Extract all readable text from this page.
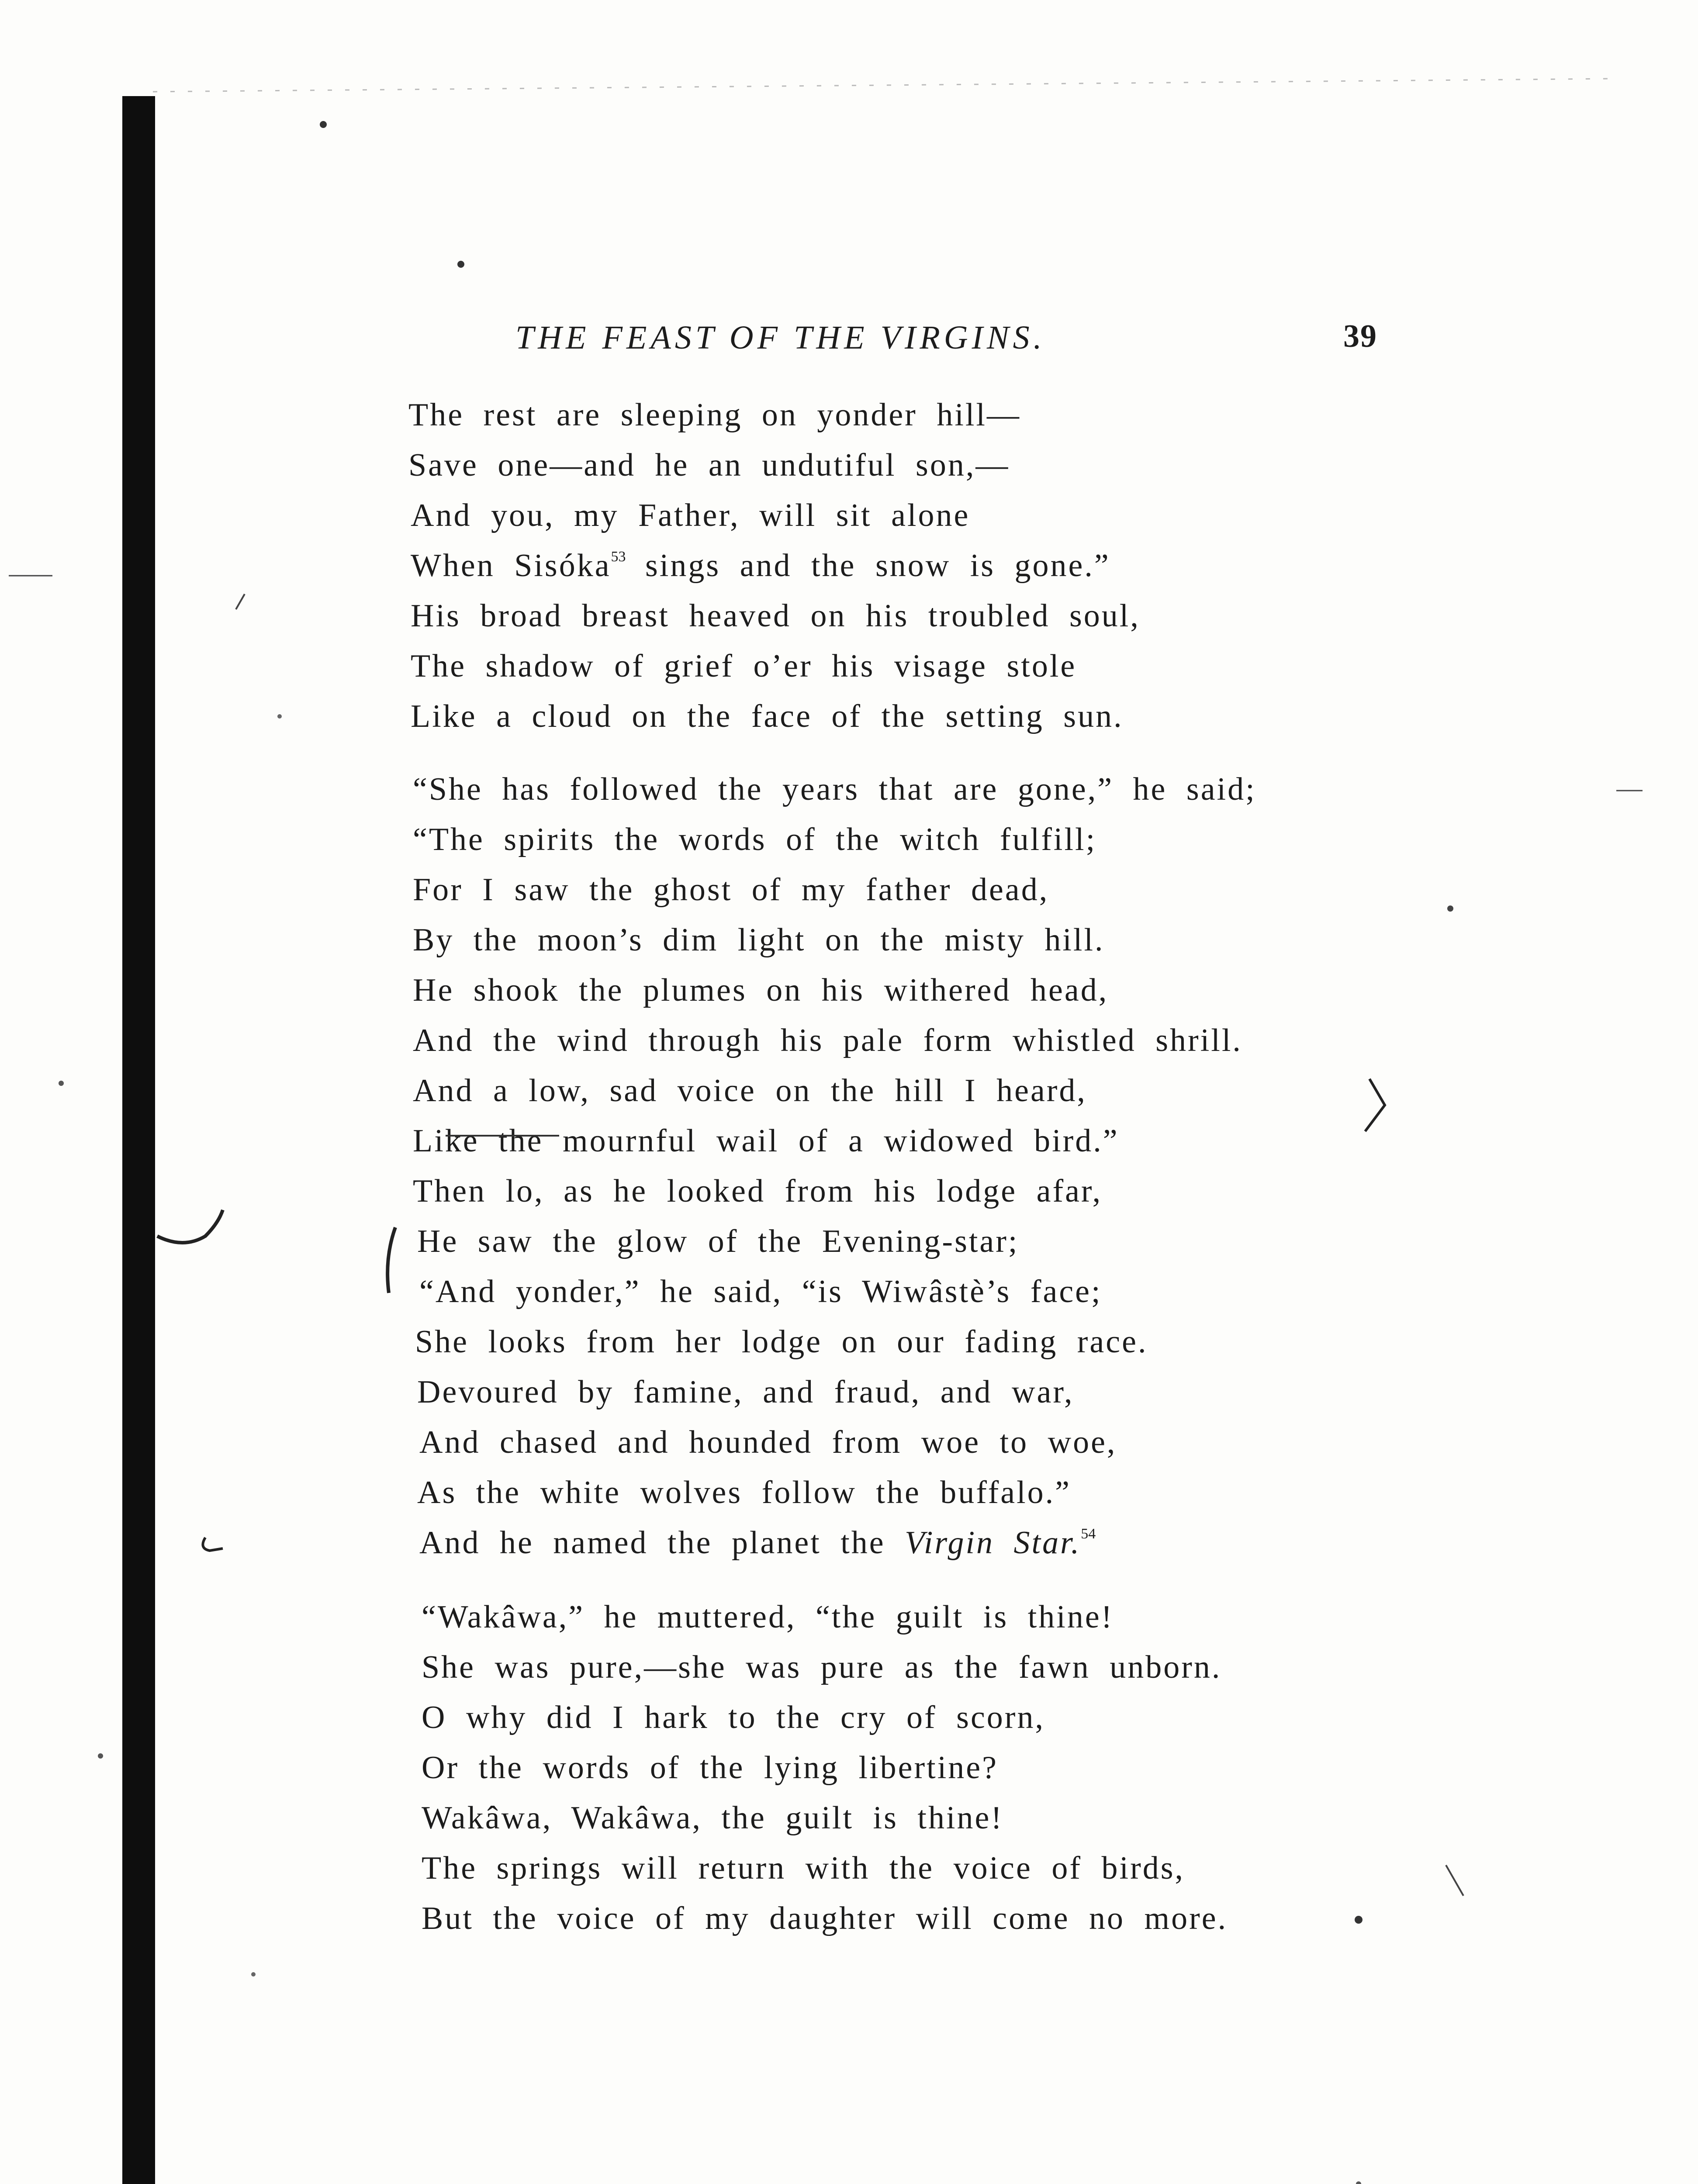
THE FEAST OF THE VIRGINS.	39
The rest are sleeping on yonder hill—
Save one—and he an undutiful son,—
And you, my Father, will sit alone
When Sisóka$^{53}$ sings and the snow is gone.”
His broad breast heaved on his troubled soul,
The shadow of grief o’er his visage stole
Like a cloud on the face of the setting sun.
“She has followed the years that are gone,” he said;
“The spirits the words of the witch fulfill;
For I saw the ghost of my father dead,
By the moon’s dim light on the misty hill.
He shook the plumes on his withered head,
And the wind through his pale form whistled shrill.
And a low, sad voice on the hill I heard,
Like the mournful wail of a widowed bird.”
Then lo, as he looked from his lodge afar,
He saw the glow of the Evening-star;
“And yonder,” he said, “is Wiwâstè’s face;
She looks from her lodge on our fading race.
Devoured by famine, and fraud, and war,
And chased and hounded from woe to woe,
As the white wolves follow the buffalo.”
And he named the planet the Virgin Star.$^{54}$
“Wakâwa,” he muttered, “the guilt is thine!
She was pure,—she was pure as the fawn unborn.
O why did I hark to the cry of scorn,
Or the words of the lying libertine?
Wakâwa, Wakâwa, the guilt is thine!
The springs will return with the voice of birds,
But the voice of my daughter will come no more.
